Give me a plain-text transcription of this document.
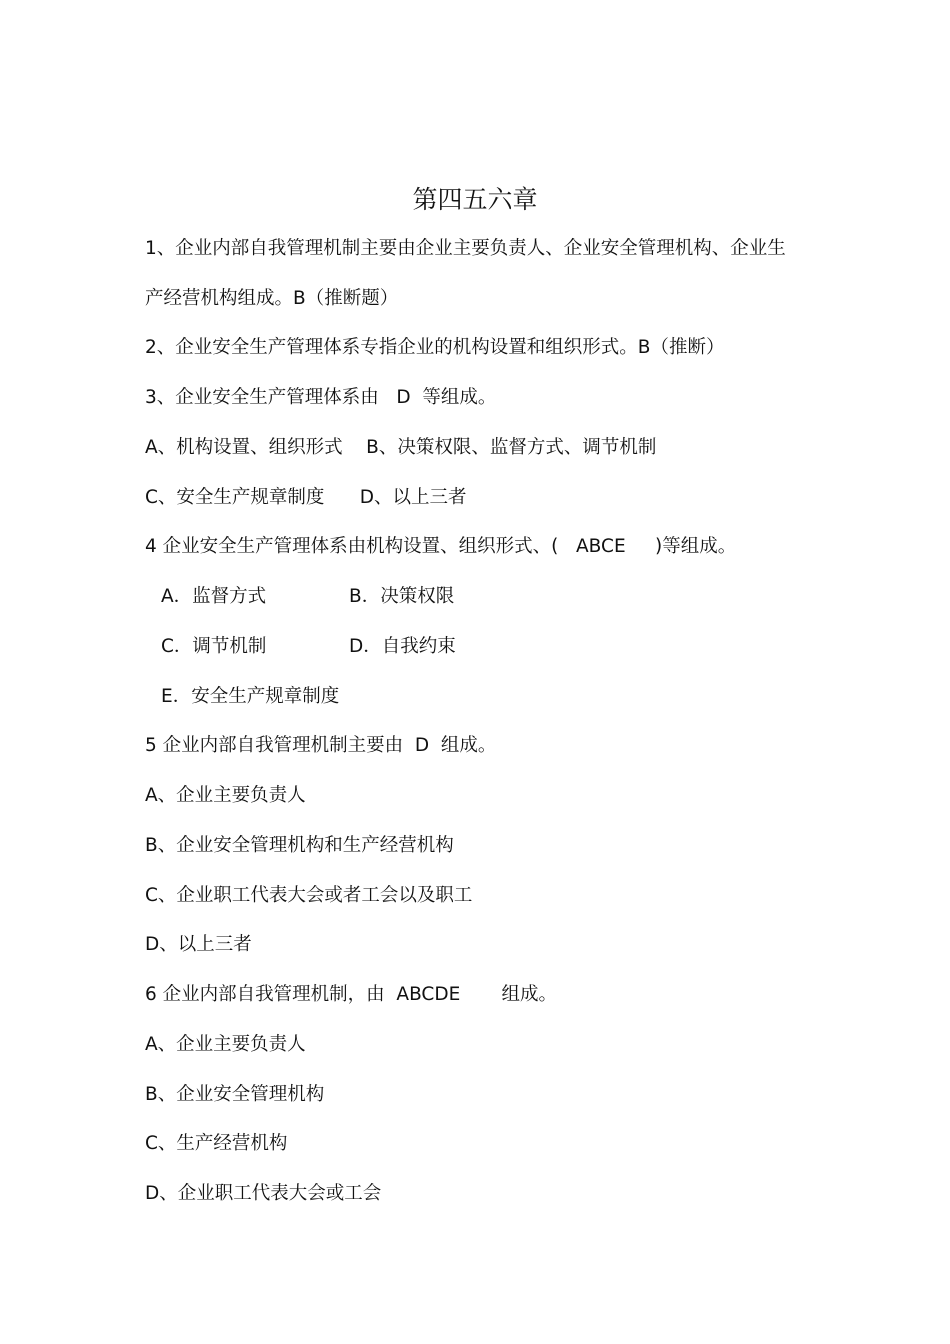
第四五六章
1、企业内部自我管理机制主要由企业主要负责人、企业安全管理机构、企业生
产经营机构组成。B（推断题）
2、企业安全生产管理体系专指企业的机构设置和组织形式。B（推断）
3、企业安全生产管理体系由   D  等组成。
A、机构设置、组织形式    B、决策权限、监督方式、调节机制
C、安全生产规章制度      D、以上三者
4 企业安全生产管理体系由机构设置、组织形式、(   ABCE     )等组成。
A．监督方式	B．决策权限
C．调节机制	D．自我约束
E．安全生产规章制度
5 企业内部自我管理机制主要由  D  组成。
A、企业主要负责人
B、企业安全管理机构和生产经营机构
C、企业职工代表大会或者工会以及职工
D、以上三者
6 企业内部自我管理机制，由  ABCDE       组成。
A、企业主要负责人
B、企业安全管理机构
C、生产经营机构
D、企业职工代表大会或工会
